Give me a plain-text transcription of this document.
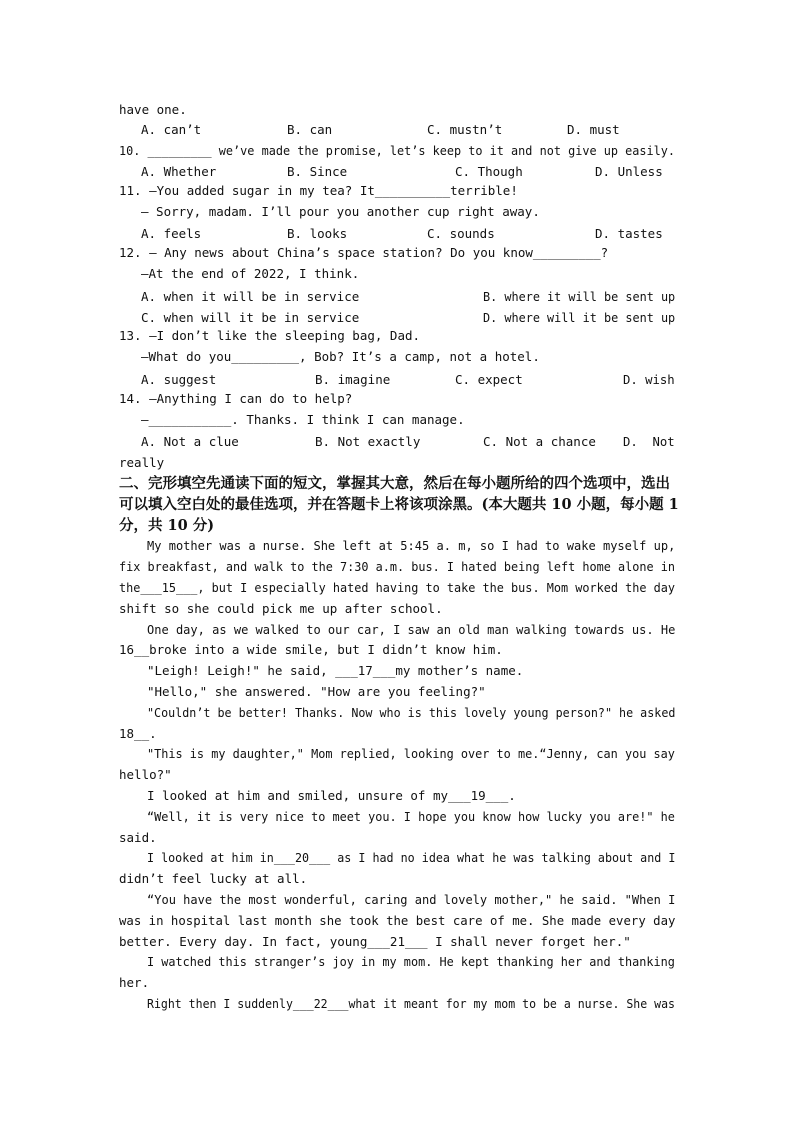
have one.
A. can’t	B. can	C. mustn’t	D. must
10. _________ we’ve made the promise, let’s keep to it and not give up easily.
A. Whether	B. Since	C. Though	D. Unless
11. —You added sugar in my tea? It__________terrible!
— Sorry, madam. I’ll pour you another cup right away.
A. feels	B. looks	C. sounds	D. tastes
12. — Any news about China’s space station? Do you know_________?
—At the end of 2022, I think.
A. when it will be in service	B. where it will be sent up
C. when will it be in service	D. where will it be sent up
13. —I don’t like the sleeping bag, Dad.
—What do you_________, Bob? It’s a camp, not a hotel.
A. suggest	B. imagine	C. expect	D. wish
14. —Anything I can do to help?
—___________. Thanks. I think I can manage.
A. Not a clue	B. Not exactly	C. Not a chance D.  Not
really
二、完形填空先通读下面的短文，掌握其大意，然后在每小题所给的四个选项中，选出可以填入空白处的最佳选项，并在答题卡上将该项涂黑。(本大题共 10 小题，每小题 1 分，共 10 分)
My mother was a nurse. She left at 5:45 a. m, so I had to wake myself up,
fix breakfast, and walk to the 7:30 a.m. bus. I hated being left home alone in
the___15___, but I especially hated having to take the bus. Mom worked the day
shift so she could pick me up after school.
One day, as we walked to our car, I saw an old man walking towards us. He
16__broke into a wide smile, but I didn’t know him.
"Leigh! Leigh!" he said, ___17___my mother’s name.
"Hello," she answered. "How are you feeling?"
"Couldn’t be better! Thanks. Now who is this lovely young person?" he asked
18__.
"This is my daughter," Mom replied, looking over to me.“Jenny, can you say
hello?"
I looked at him and smiled, unsure of my___19___.
“Well, it is very nice to meet you. I hope you know how lucky you are!" he
said.
I looked at him in___20___ as I had no idea what he was talking about and I
didn’t feel lucky at all.
“You have the most wonderful, caring and lovely mother," he said. "When I
was in hospital last month she took the best care of me. She made every day
better. Every day. In fact, young___21___ I shall never forget her."
I watched this stranger’s joy in my mom. He kept thanking her and thanking
her.
Right then I suddenly___22___what it meant for my mom to be a nurse. She was
